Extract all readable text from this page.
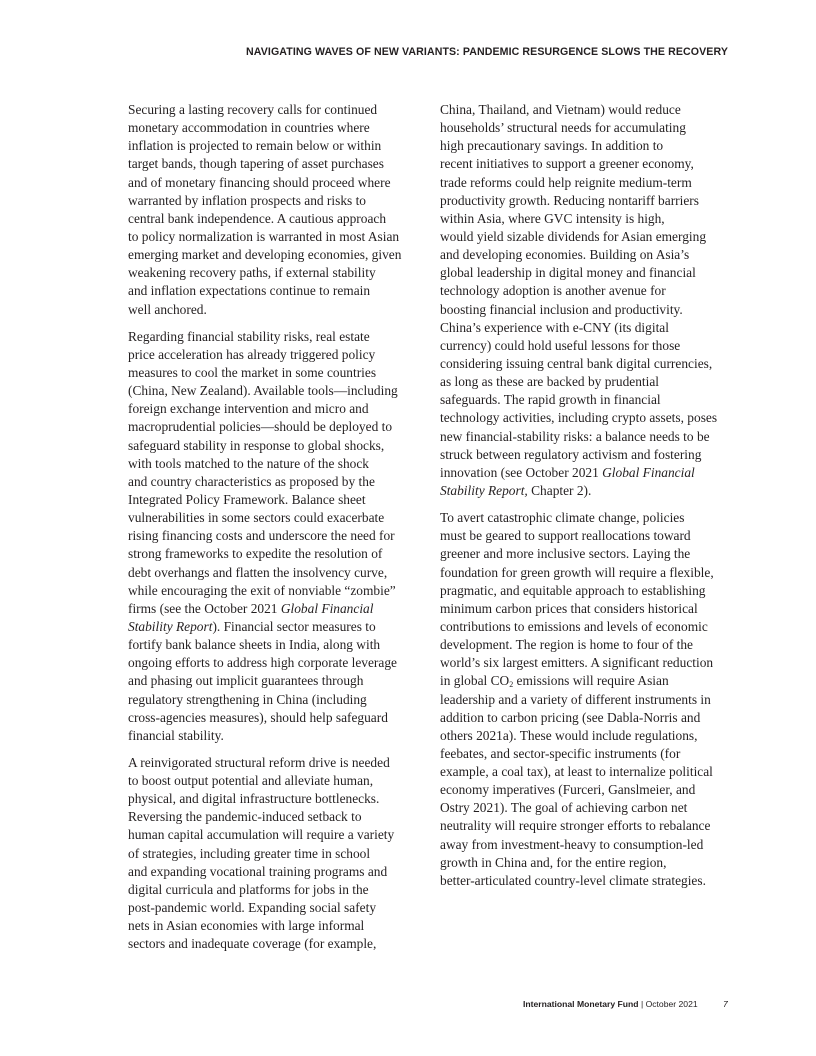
NAVIGATING WAVES OF NEW VARIANTS: PANDEMIC RESURGENCE SLOWS THE RECOVERY
Securing a lasting recovery calls for continued
monetary accommodation in countries where
inflation is projected to remain below or within
target bands, though tapering of asset purchases
and of monetary financing should proceed where
warranted by inflation prospects and risks to
central bank independence. A cautious approach
to policy normalization is warranted in most Asian
emerging market and developing economies, given
weakening recovery paths, if external stability
and inflation expectations continue to remain
well anchored.
Regarding financial stability risks, real estate
price acceleration has already triggered policy
measures to cool the market in some countries
(China, New Zealand). Available tools—including
foreign exchange intervention and micro and
macroprudential policies—should be deployed to
safeguard stability in response to global shocks,
with tools matched to the nature of the shock
and country characteristics as proposed by the
Integrated Policy Framework. Balance sheet
vulnerabilities in some sectors could exacerbate
rising financing costs and underscore the need for
strong frameworks to expedite the resolution of
debt overhangs and flatten the insolvency curve,
while encouraging the exit of nonviable “zombie”
firms (see the October 2021 Global Financial
Stability Report). Financial sector measures to
fortify bank balance sheets in India, along with
ongoing efforts to address high corporate leverage
and phasing out implicit guarantees through
regulatory strengthening in China (including
cross-agencies measures), should help safeguard
financial stability.
A reinvigorated structural reform drive is needed
to boost output potential and alleviate human,
physical, and digital infrastructure bottlenecks.
Reversing the pandemic-induced setback to
human capital accumulation will require a variety
of strategies, including greater time in school
and expanding vocational training programs and
digital curricula and platforms for jobs in the
post-pandemic world. Expanding social safety
nets in Asian economies with large informal
sectors and inadequate coverage (for example,
China, Thailand, and Vietnam) would reduce
households’ structural needs for accumulating
high precautionary savings. In addition to
recent initiatives to support a greener economy,
trade reforms could help reignite medium-term
productivity growth. Reducing nontariff barriers
within Asia, where GVC intensity is high,
would yield sizable dividends for Asian emerging
and developing economies. Building on Asia’s
global leadership in digital money and financial
technology adoption is another avenue for
boosting financial inclusion and productivity.
China’s experience with e-CNY (its digital
currency) could hold useful lessons for those
considering issuing central bank digital currencies,
as long as these are backed by prudential
safeguards. The rapid growth in financial
technology activities, including crypto assets, poses
new financial-stability risks: a balance needs to be
struck between regulatory activism and fostering
innovation (see October 2021 Global Financial
Stability Report, Chapter 2).
To avert catastrophic climate change, policies
must be geared to support reallocations toward
greener and more inclusive sectors. Laying the
foundation for green growth will require a flexible,
pragmatic, and equitable approach to establishing
minimum carbon prices that considers historical
contributions to emissions and levels of economic
development. The region is home to four of the
world’s six largest emitters. A significant reduction
in global $CO_2$ emissions will require Asian
leadership and a variety of different instruments in
addition to carbon pricing (see Dabla-Norris and
others 2021a). These would include regulations,
feebates, and sector-specific instruments (for
example, a coal tax), at least to internalize political
economy imperatives (Furceri, Ganslmeier, and
Ostry 2021). The goal of achieving carbon net
neutrality will require stronger efforts to rebalance
away from investment-heavy to consumption-led
growth in China and, for the entire region,
better-articulated country-level climate strategies.
International Monetary Fund | October 2021	7
